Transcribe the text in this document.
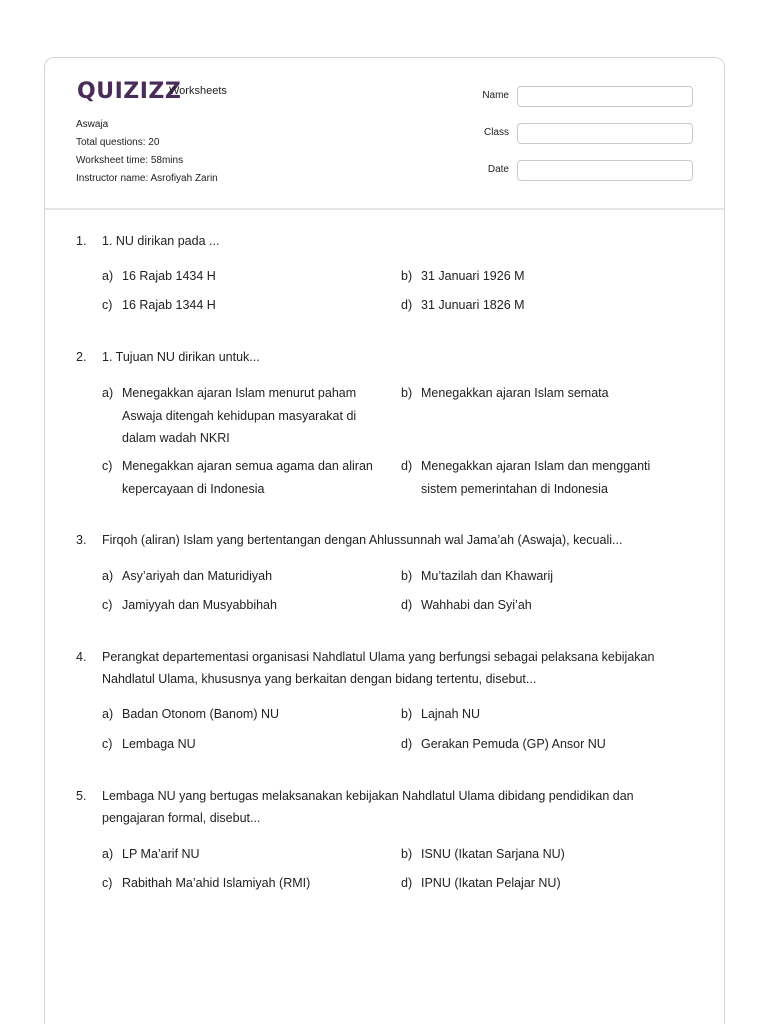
QUIZIZZ
Worksheets
Aswaja
Total questions: 20
Worksheet time: 58mins
Instructor name: Asrofiyah Zarin
Name
Class
Date
1. 1. NU dirikan pada ...
a) 16 Rajab 1434 H	b) 31 Januari 1926 M
c) 16 Rajab 1344 H	d) 31 Junuari 1826 M
2. 1. Tujuan NU dirikan untuk...
a) Menegakkan ajaran Islam menurut paham Aswaja ditengah kehidupan masyarakat di dalam wadah NKRI
b) Menegakkan ajaran Islam semata
c) Menegakkan ajaran semua agama dan aliran kepercayaan di Indonesia
d) Menegakkan ajaran Islam dan mengganti sistem pemerintahan di Indonesia
3. Firqoh (aliran) Islam yang bertentangan dengan Ahlussunnah wal Jama’ah (Aswaja), kecuali...
a) Asy’ariyah dan Maturidiyah	b) Mu’tazilah dan Khawarij
c) Jamiyyah dan Musyabbihah	d) Wahhabi dan Syi’ah
4. Perangkat departementasi organisasi Nahdlatul Ulama yang berfungsi sebagai pelaksana kebijakan Nahdlatul Ulama, khususnya yang berkaitan dengan bidang tertentu, disebut...
a) Badan Otonom (Banom) NU	b) Lajnah NU
c) Lembaga NU	d) Gerakan Pemuda (GP) Ansor NU
5. Lembaga NU yang bertugas melaksanakan kebijakan Nahdlatul Ulama dibidang pendidikan dan pengajaran formal, disebut...
a) LP Ma’arif NU	b) ISNU (Ikatan Sarjana NU)
c) Rabithah Ma’ahid Islamiyah (RMI)	d) IPNU (Ikatan Pelajar NU)
